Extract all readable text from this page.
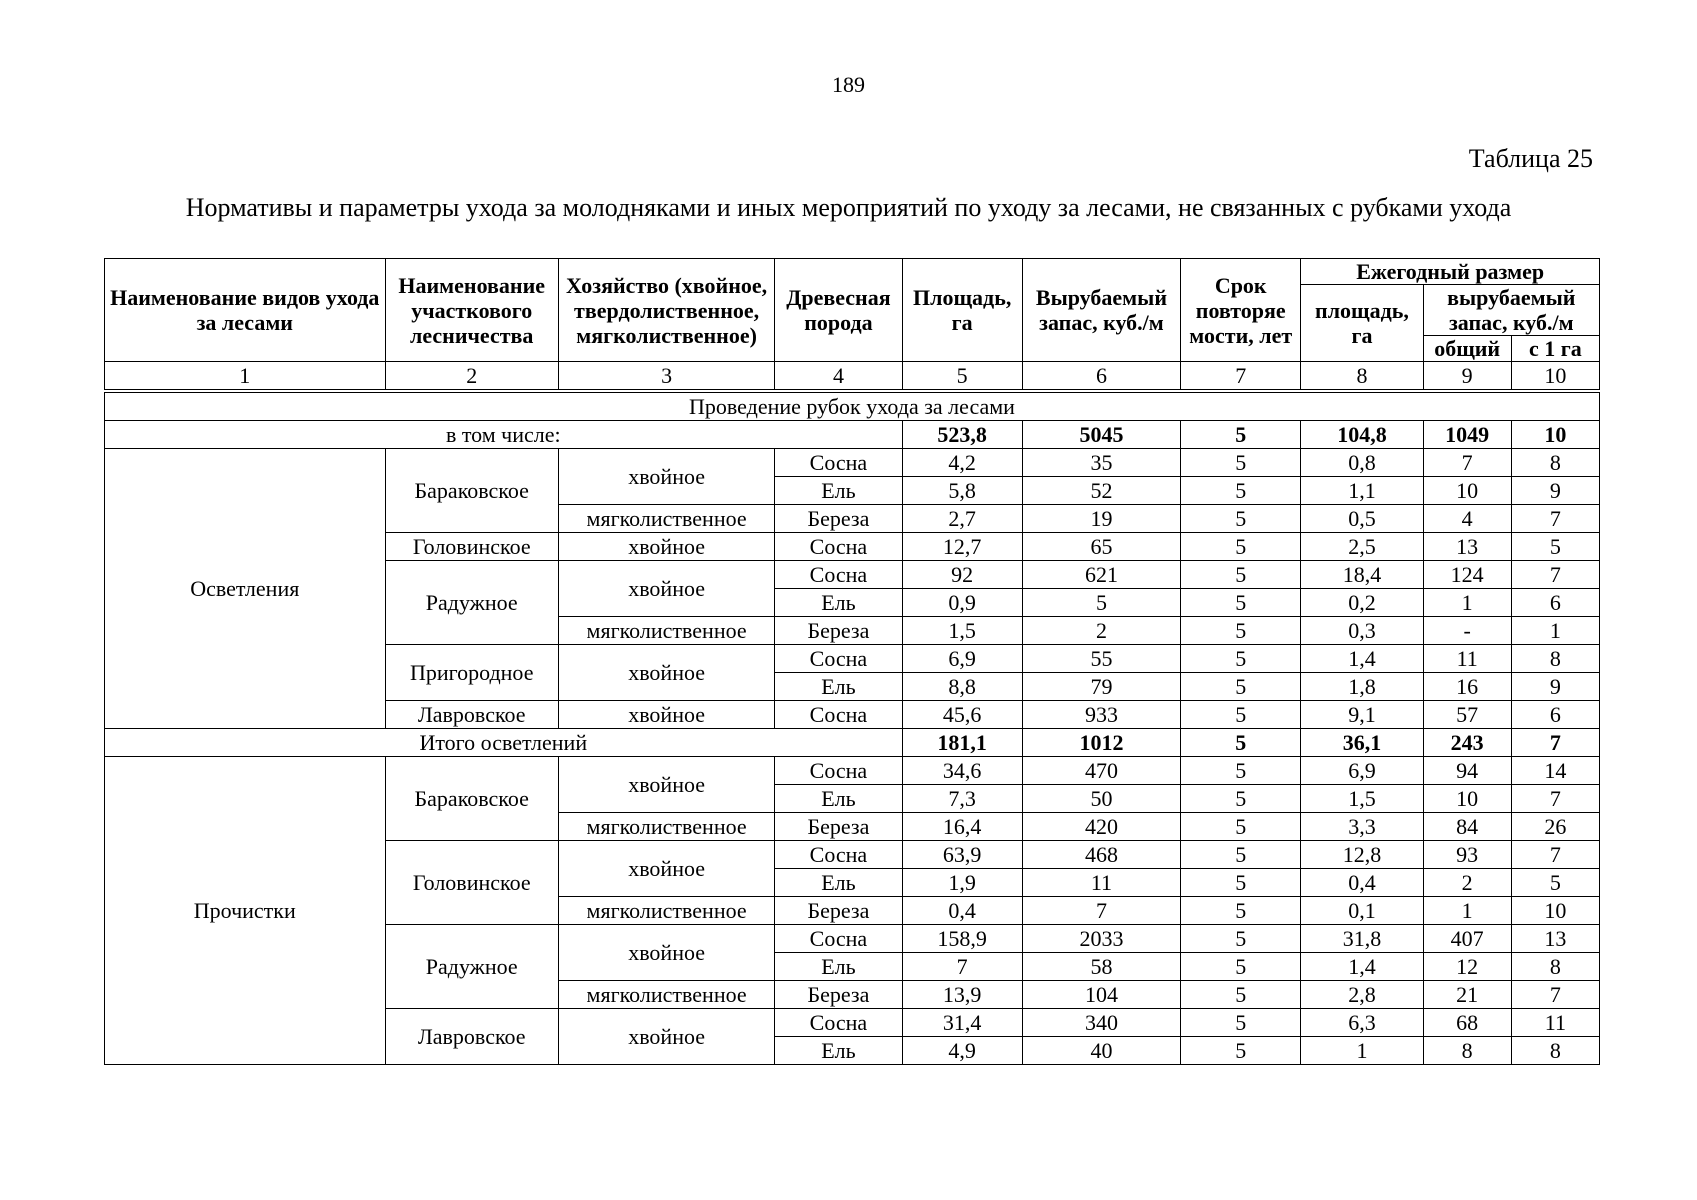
189
Таблица 25
Нормативы и параметры ухода за молодняками и иных мероприятий по уходу за лесами, не связанных с рубками ухода
Наименование видов ухода за лесами	Наименование участкового лесничества	Хозяйство (хвойное, твердолиственное, мягколиственное)	Древесная порода	Площадь, га	Вырубаемый запас, куб./м	Срок повторяе мости, лет	Ежегодный размер		
							площадь, га	вырубаемый запас, куб./м	

								общий	с 1 га
1	2	3	4	5	6	7	8	9	10
Проведение рубок ухода за лесами									
в том числе:				523,8	5045	5	104,8	1049	10
Осветления	Бараковское	хвойное	Сосна	4,2	35	5	0,8	7	8
			Ель	5,8	52	5	1,1	10	9
		мягколиственное	Береза	2,7	19	5	0,5	4	7
	Головинское	хвойное	Сосна	12,7	65	5	2,5	13	5
	Радужное	хвойное	Сосна	92	621	5	18,4	124	7
			Ель	0,9	5	5	0,2	1	6
		мягколиственное	Береза	1,5	2	5	0,3	-	1
	Пригородное	хвойное	Сосна	6,9	55	5	1,4	11	8
			Ель	8,8	79	5	1,8	16	9
	Лавровское	хвойное	Сосна	45,6	933	5	9,1	57	6
Итого осветлений				181,1	1012	5	36,1	243	7
Прочистки	Бараковское	хвойное	Сосна	34,6	470	5	6,9	94	14
			Ель	7,3	50	5	1,5	10	7
		мягколиственное	Береза	16,4	420	5	3,3	84	26
	Головинское	хвойное	Сосна	63,9	468	5	12,8	93	7
			Ель	1,9	11	5	0,4	2	5
		мягколиственное	Береза	0,4	7	5	0,1	1	10
	Радужное	хвойное	Сосна	158,9	2033	5	31,8	407	13
			Ель	7	58	5	1,4	12	8
		мягколиственное	Береза	13,9	104	5	2,8	21	7
	Лавровское	хвойное	Сосна	31,4	340	5	6,3	68	11
			Ель	4,9	40	5	1	8	8
